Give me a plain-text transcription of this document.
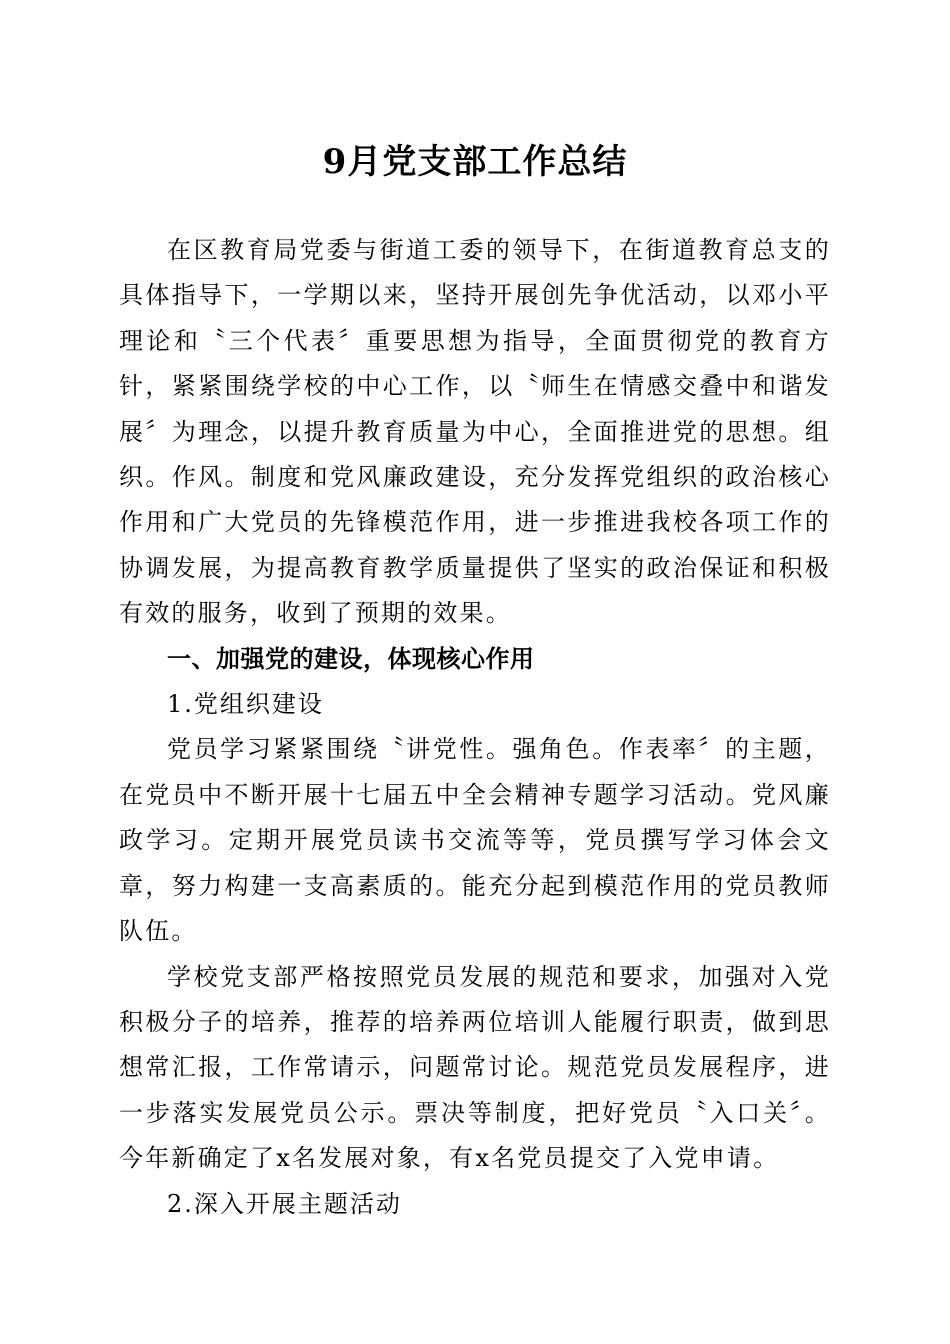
9月党支部工作总结

在区教育局党委与街道工委的领导下，在街道教育总支的具体指导下，一学期以来，坚持开展创先争优活动，以邓小平理论和〝三个代表〞重要思想为指导，全面贯彻党的教育方针，紧紧围绕学校的中心工作，以〝师生在情感交叠中和谐发展〞为理念，以提升教育质量为中心，全面推进党的思想。组织。作风。制度和党风廉政建设，充分发挥党组织的政治核心作用和广大党员的先锋模范作用，进一步推进我校各项工作的协调发展，为提高教育教学质量提供了坚实的政治保证和积极有效的服务，收到了预期的效果。

一、加强党的建设，体现核心作用

1.党组织建设

党员学习紧紧围绕〝讲党性。强角色。作表率〞的主题，在党员中不断开展十七届五中全会精神专题学习活动。党风廉政学习。定期开展党员读书交流等等，党员撰写学习体会文章，努力构建一支高素质的。能充分起到模范作用的党员教师队伍。

学校党支部严格按照党员发展的规范和要求，加强对入党积极分子的培养，推荐的培养两位培训人能履行职责，做到思想常汇报，工作常请示，问题常讨论。规范党员发展程序，进一步落实发展党员公示。票决等制度，把好党员〝入口关〞。今年新确定了x名发展对象，有x名党员提交了入党申请。

2.深入开展主题活动
